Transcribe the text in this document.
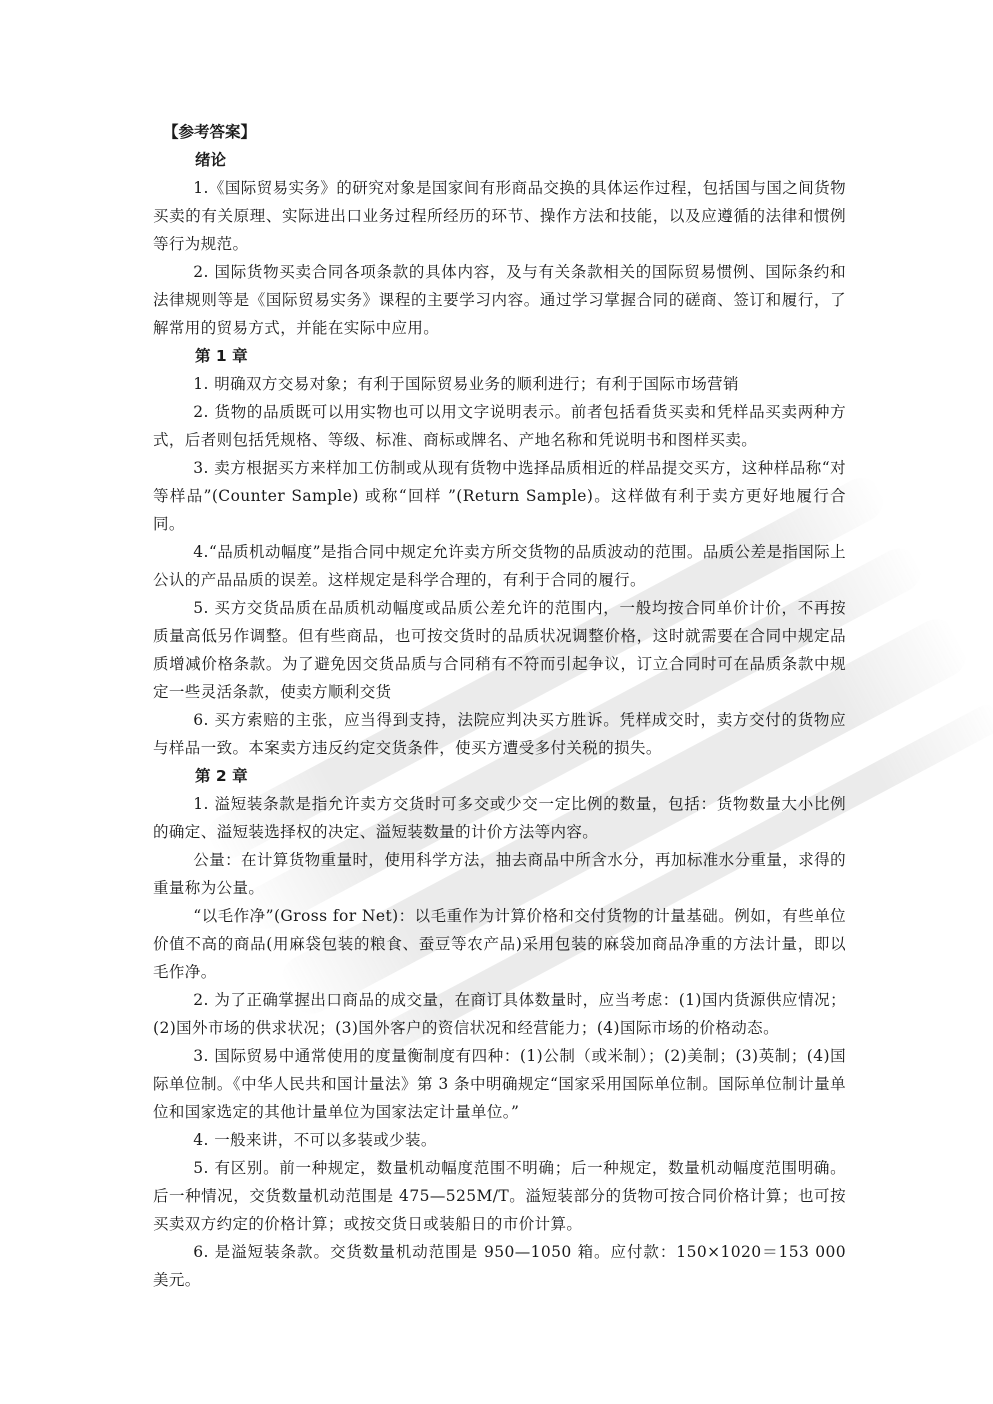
【参考答案】
绪论

1.《国际贸易实务》的研究对象是国家间有形商品交换的具体运作过程，包括国与国之间货物买卖的有关原理、实际进出口业务过程所经历的环节、操作方法和技能，以及应遵循的法律和惯例等行为规范。

2. 国际货物买卖合同各项条款的具体内容，及与有关条款相关的国际贸易惯例、国际条约和法律规则等是《国际贸易实务》课程的主要学习内容。通过学习掌握合同的磋商、签订和履行，了解常用的贸易方式，并能在实际中应用。

第 1 章

1. 明确双方交易对象；有利于国际贸易业务的顺利进行；有利于国际市场营销

2. 货物的品质既可以用实物也可以用文字说明表示。前者包括看货买卖和凭样品买卖两种方式，后者则包括凭规格、等级、标准、商标或牌名、产地名称和凭说明书和图样买卖。

3. 卖方根据买方来样加工仿制或从现有货物中选择品质相近的样品提交买方，这种样品称“对等样品”(Counter Sample) 或称“回样 ”(Return Sample)。这样做有利于卖方更好地履行合同。

4.“品质机动幅度”是指合同中规定允许卖方所交货物的品质波动的范围。品质公差是指国际上公认的产品品质的误差。这样规定是科学合理的，有利于合同的履行。

5. 买方交货品质在品质机动幅度或品质公差允许的范围内，一般均按合同单价计价，不再按质量高低另作调整。但有些商品，也可按交货时的品质状况调整价格，这时就需要在合同中规定品质增减价格条款。为了避免因交货品质与合同稍有不符而引起争议，订立合同时可在品质条款中规定一些灵活条款，使卖方顺利交货

6. 买方索赔的主张，应当得到支持，法院应判决买方胜诉。凭样成交时，卖方交付的货物应与样品一致。本案卖方违反约定交货条件，使买方遭受多付关税的损失。

第 2 章

1. 溢短装条款是指允许卖方交货时可多交或少交一定比例的数量，包括：货物数量大小比例的确定、溢短装选择权的决定、溢短装数量的计价方法等内容。

公量：在计算货物重量时，使用科学方法，抽去商品中所含水分，再加标准水分重量，求得的重量称为公量。

“以毛作净”(Gross for Net)：以毛重作为计算价格和交付货物的计量基础。例如，有些单位价值不高的商品(用麻袋包装的粮食、蚕豆等农产品)采用包装的麻袋加商品净重的方法计量，即以毛作净。

2. 为了正确掌握出口商品的成交量，在商订具体数量时，应当考虑：(1)国内货源供应情况；(2)国外市场的供求状况；(3)国外客户的资信状况和经营能力；(4)国际市场的价格动态。

3. 国际贸易中通常使用的度量衡制度有四种：(1)公制（或米制）；(2)美制；(3)英制；(4)国际单位制。《中华人民共和国计量法》第 3 条中明确规定“国家采用国际单位制。国际单位制计量单位和国家选定的其他计量单位为国家法定计量单位。”

4. 一般来讲，不可以多装或少装。

5. 有区别。前一种规定，数量机动幅度范围不明确；后一种规定，数量机动幅度范围明确。后一种情况，交货数量机动范围是 475—525M/T。溢短装部分的货物可按合同价格计算；也可按买卖双方约定的价格计算；或按交货日或装船日的市价计算。

6. 是溢短装条款。交货数量机动范围是 950—1050 箱。应付款：150×1020＝153 000 美元。
